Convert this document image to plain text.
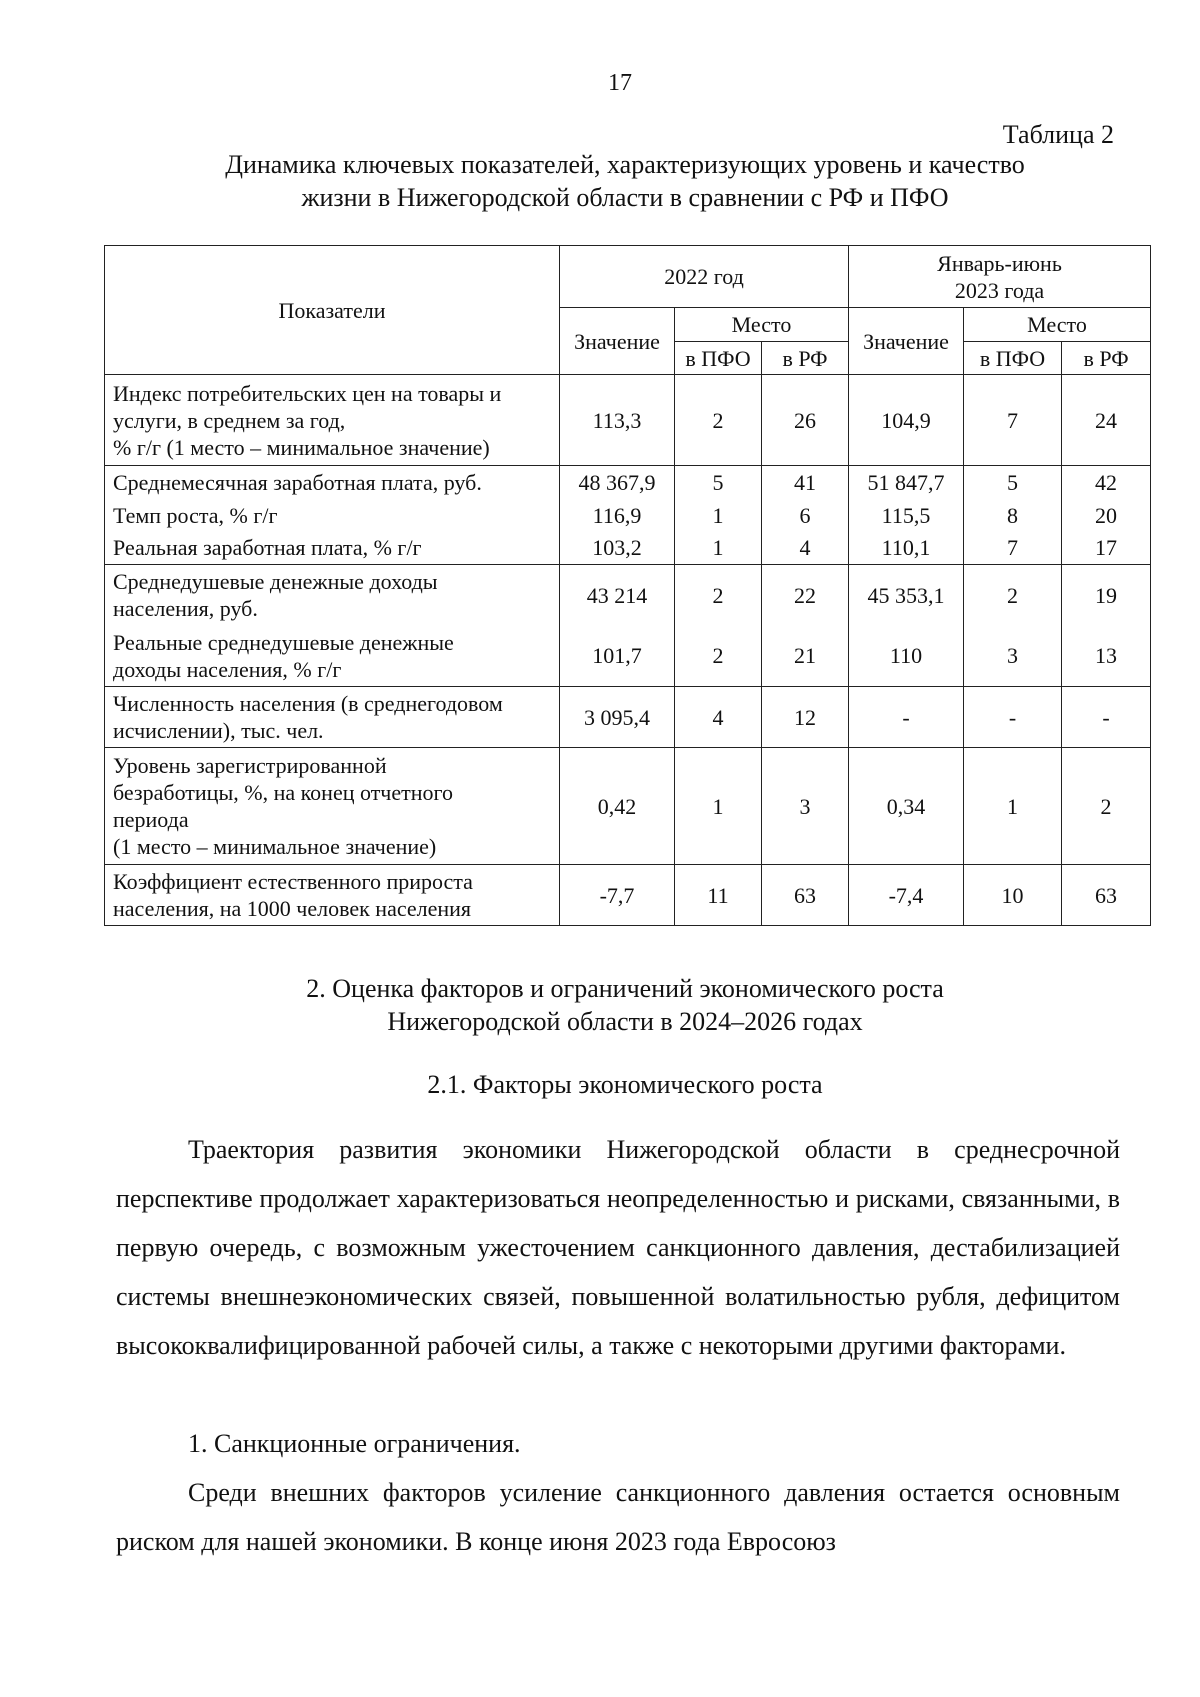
17
Таблица 2
Динамика ключевых показателей, характеризующих уровень и качество
жизни в Нижегородской области в сравнении с РФ и ПФО
Показатели	2022 год			Январь-июнь
2023 года		

	Значение	Место		Значение	Место	
		в ПФО	в РФ		в ПФО	в РФ

Индекс потребительских цен на товары и
услуги, в среднем за год,
% г/г (1 место – минимальное значение)	113,3	2	26	104,9	7	24
Среднемесячная заработная плата, руб.	48 367,9	5	41	51 847,7	5	42
Темп роста, % г/г	116,9	1	6	115,5	8	20
Реальная заработная плата, % г/г	103,2	1	4	110,1	7	17

Среднедушевые денежные доходы
населения, руб.	43 214	2	22	45 353,1	2	19

Реальные среднедушевые денежные
доходы населения, % г/г	101,7	2	21	110	3	13

Численность населения (в среднегодовом
исчислении), тыс. чел.	3 095,4	4	12	-	-	-

Уровень зарегистрированной
безработицы, %, на конец отчетного
периода
(1 место – минимальное значение)	0,42	1	3	0,34	1	2

Коэффициент естественного прироста
населения, на 1000 человек населения	-7,7	11	63	-7,4	10	63
2. Оценка факторов и ограничений экономического роста
Нижегородской области в 2024–2026 годах
2.1. Факторы экономического роста
Траектория развития экономики Нижегородской области в среднесрочной перспективе продолжает характеризоваться неопределенностью и рисками, связанными, в первую очередь, с возможным ужесточением санкционного давления, дестабилизацией системы внешнеэкономических связей, повышенной волатильностью рубля, дефицитом высококвалифицированной рабочей силы, а также с некоторыми другими факторами.
1. Санкционные ограничения.
Среди внешних факторов усиление санкционного давления остается основным риском для нашей экономики. В конце июня 2023 года Евросоюз
